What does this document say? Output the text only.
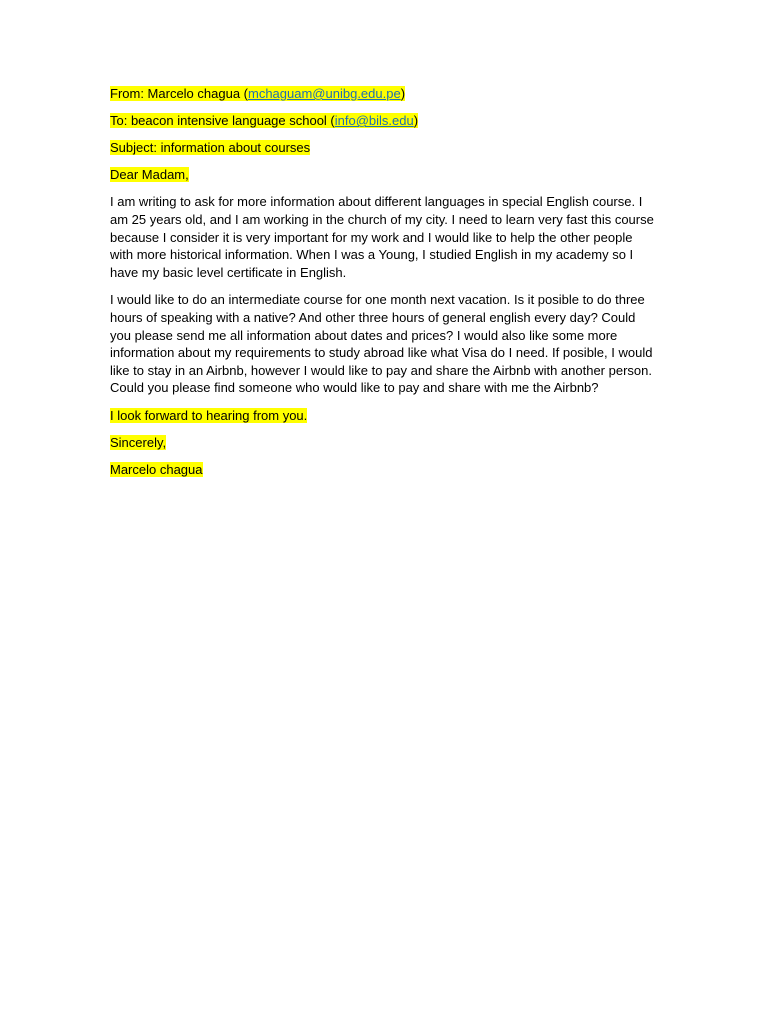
From: Marcelo chagua (mchaguam@unibg.edu.pe)
To: beacon intensive language school (info@bils.edu)
Subject: information about courses
Dear Madam,

I am writing to ask for more information about different languages in special English course. I am 25 years old, and I am working in the church of my city. I need to learn very fast this course because I consider it is very important for my work and I would like to help the other people with more historical information. When I was a Young, I studied English in my academy so I have my basic level certificate in English.

I would like to do an intermediate course for one month next vacation. Is it posible to do three hours of speaking with a native? And other three hours of general english every day? Could you please send me all information about dates and prices? I would also like some more information about my requirements to study abroad like what Visa do I need. If posible, I would like to stay in an Airbnb, however I would like to pay and share the Airbnb with another person. Could you please find someone who would like to pay and share with me the Airbnb?

I look forward to hearing from you.
Sincerely,
Marcelo chagua
